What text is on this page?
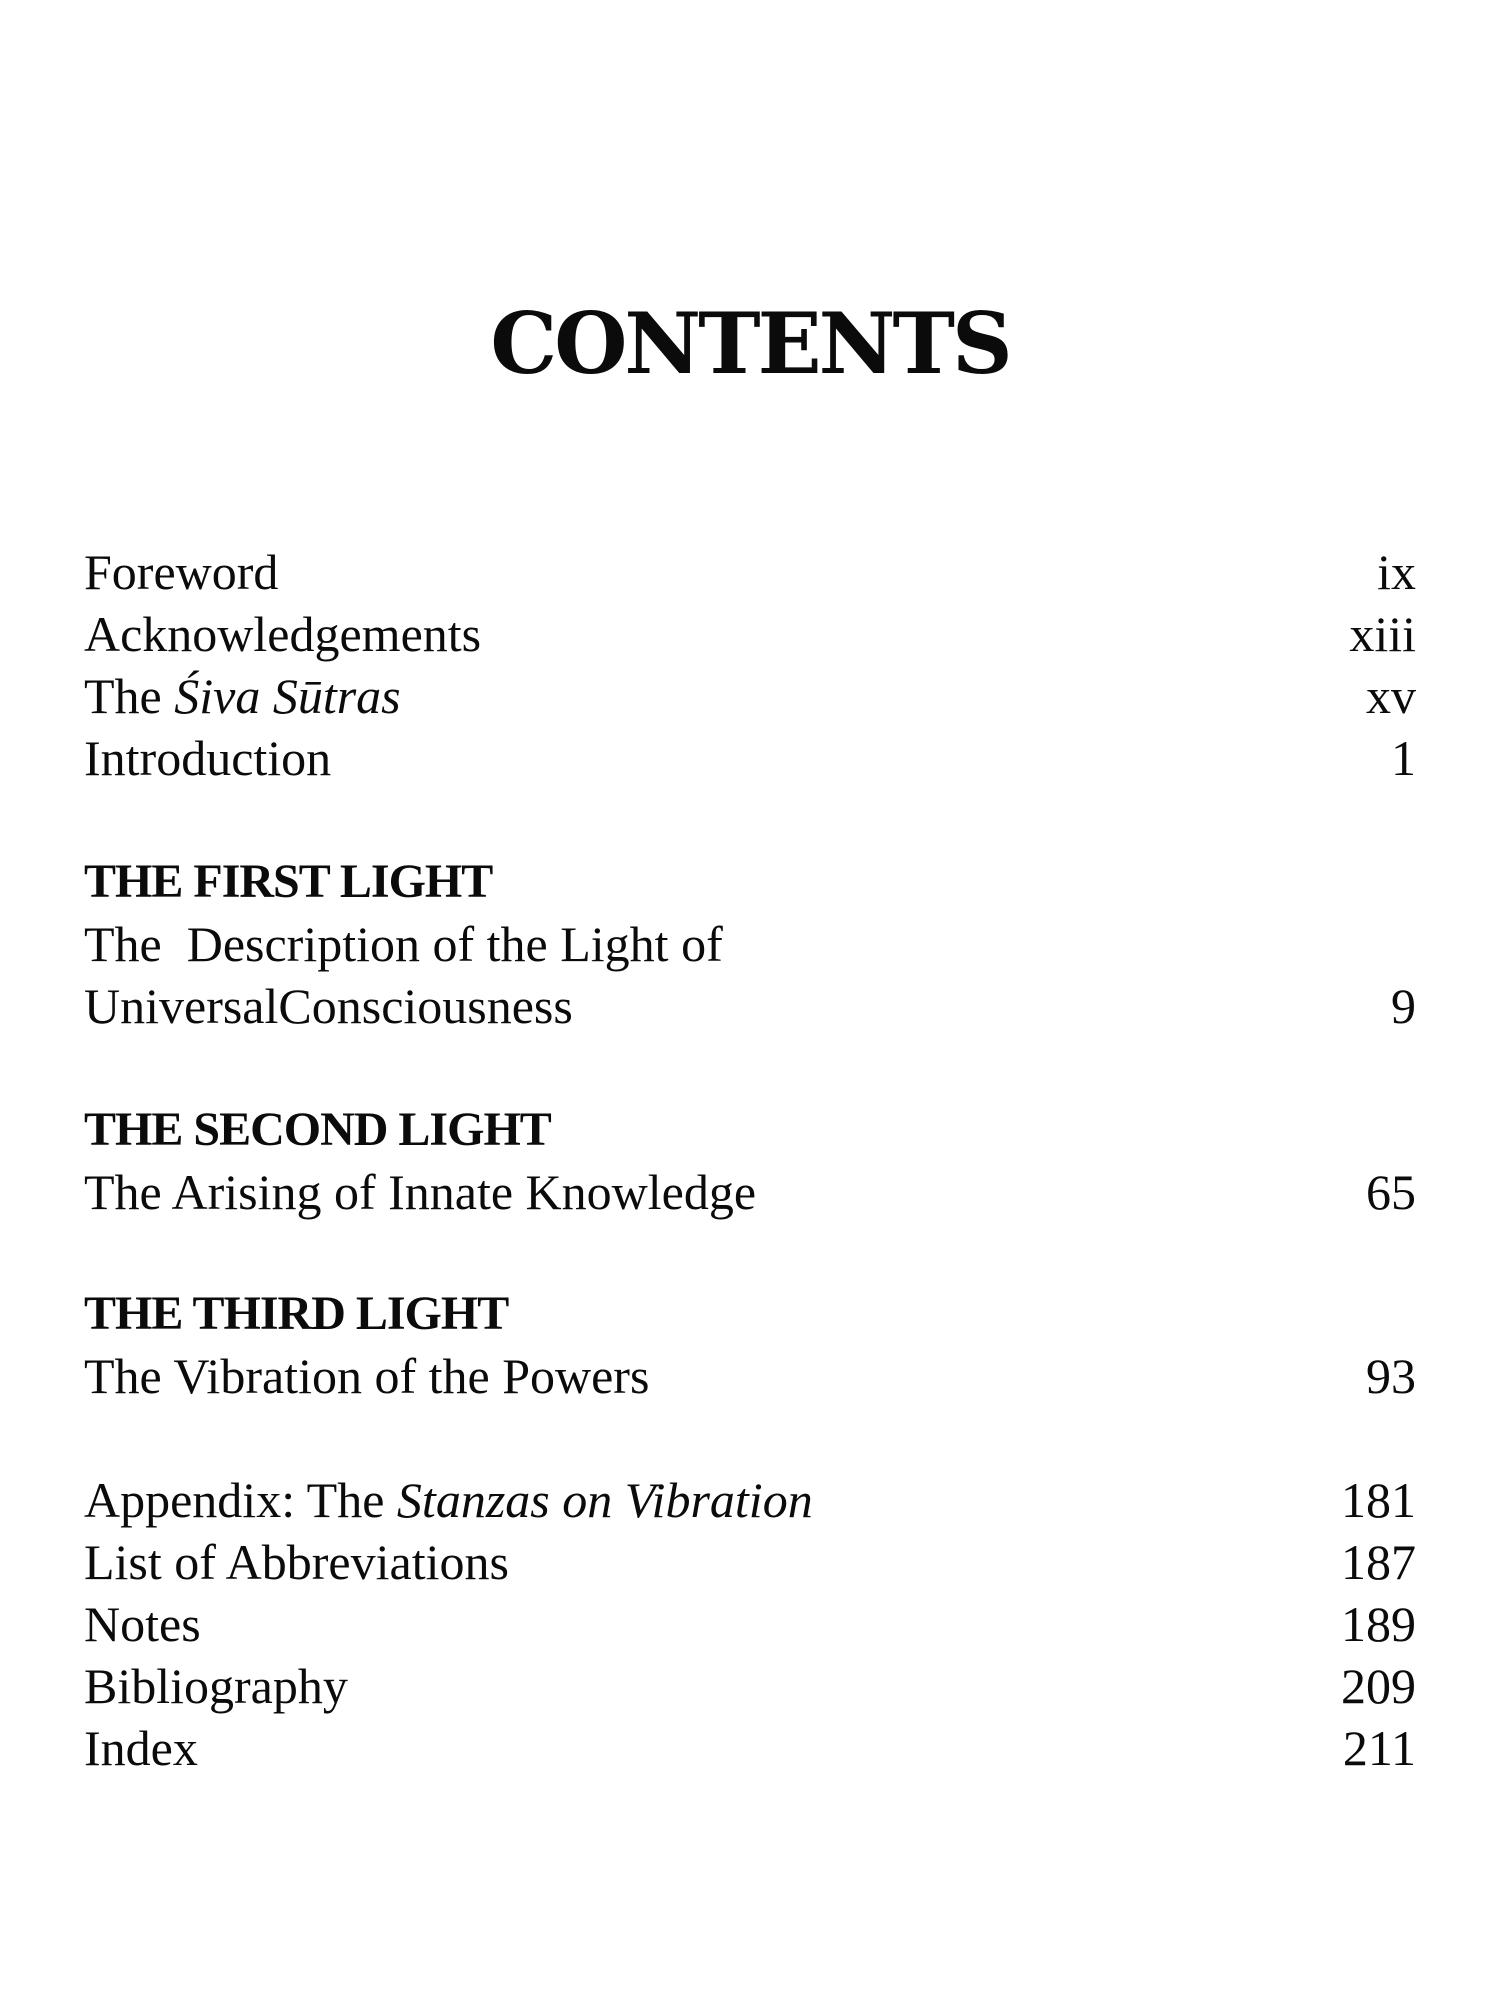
CONTENTS
Foreword	ix
Acknowledgements	xiii
The Śiva Sūtras	xv
Introduction	1
THE FIRST LIGHT
The  Description of the Light of
UniversalConsciousness	9
THE SECOND LIGHT
The Arising of Innate Knowledge	65
THE THIRD LIGHT
The Vibration of the Powers	93
Appendix: The Stanzas on Vibration	181
List of Abbreviations	187
Notes	189
Bibliography	209
Index	211
